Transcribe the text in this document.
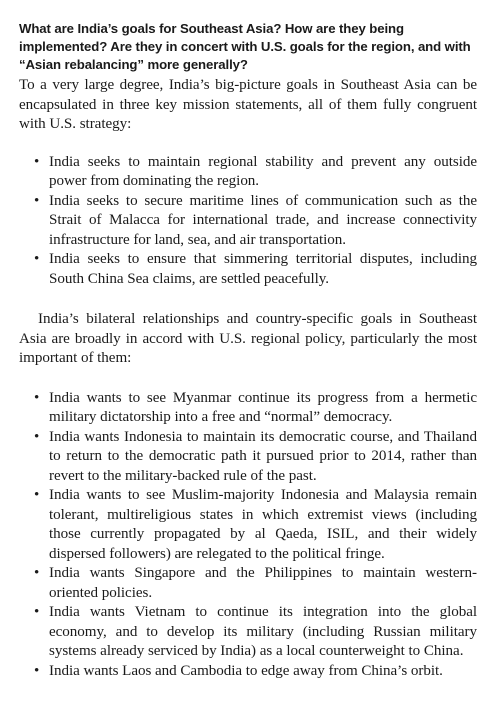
What are India’s goals for Southeast Asia? How are they being implemented? Are they in concert with U.S. goals for the region, and with “Asian rebalancing” more generally?

To a very large degree, India’s big-picture goals in Southeast Asia can be encapsulated in three key mission statements, all of them fully congruent with U.S. strategy:

• India seeks to maintain regional stability and prevent any outside power from dominating the region.
• India seeks to secure maritime lines of communication such as the Strait of Malacca for international trade, and increase connectivity infrastructure for land, sea, and air transportation.
• India seeks to ensure that simmering territorial disputes, including South China Sea claims, are settled peacefully.

India’s bilateral relationships and country-specific goals in Southeast Asia are broadly in accord with U.S. regional policy, particularly the most important of them:

• India wants to see Myanmar continue its progress from a hermetic military dictatorship into a free and “normal” democracy.
• India wants Indonesia to maintain its democratic course, and Thailand to return to the democratic path it pursued prior to 2014, rather than revert to the military-backed rule of the past.
• India wants to see Muslim-majority Indonesia and Malaysia remain tolerant, multireligious states in which extremist views (including those currently propagated by al Qaeda, ISIL, and their widely dispersed followers) are relegated to the political fringe.
• India wants Singapore and the Philippines to maintain western-oriented policies.
• India wants Vietnam to continue its integration into the global economy, and to develop its military (including Russian military systems already serviced by India) as a local counterweight to China.
• India wants Laos and Cambodia to edge away from China’s orbit.
